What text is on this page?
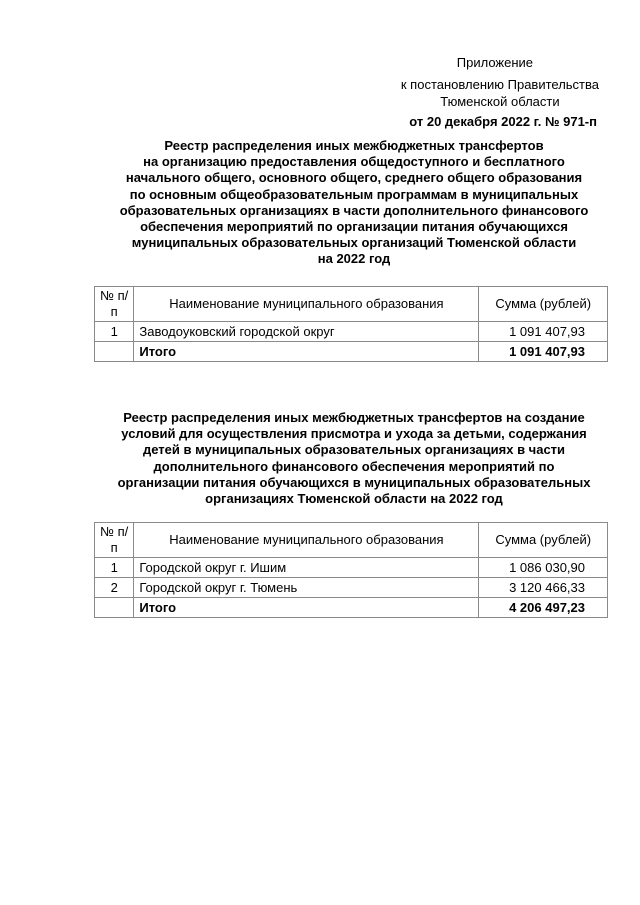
Приложение
к постановлению Правительства
Тюменской области
от 20 декабря 2022 г. № 971-п
Реестр распределения иных межбюджетных трансфертов
на организацию предоставления общедоступного и бесплатного
начального общего, основного общего, среднего общего образования
по основным общеобразовательным программам в муниципальных
образовательных организациях в части дополнительного финансового
обеспечения мероприятий по организации питания обучающихся
муниципальных образовательных организаций Тюменской области
на 2022 год
№ п/п	Наименование муниципального образования	Сумма (рублей)
1	Заводоуковский городской округ	1 091 407,93
	Итого	1 091 407,93
Реестр распределения иных межбюджетных трансфертов на создание
условий для осуществления присмотра и ухода за детьми, содержания
детей в муниципальных образовательных организациях в части
дополнительного финансового обеспечения мероприятий по
организации питания обучающихся в муниципальных образовательных
организациях Тюменской области на 2022 год
№ п/п	Наименование муниципального образования	Сумма (рублей)
1	Городской округ г. Ишим	1 086 030,90
2	Городской округ г. Тюмень	3 120 466,33
	Итого	4 206 497,23
